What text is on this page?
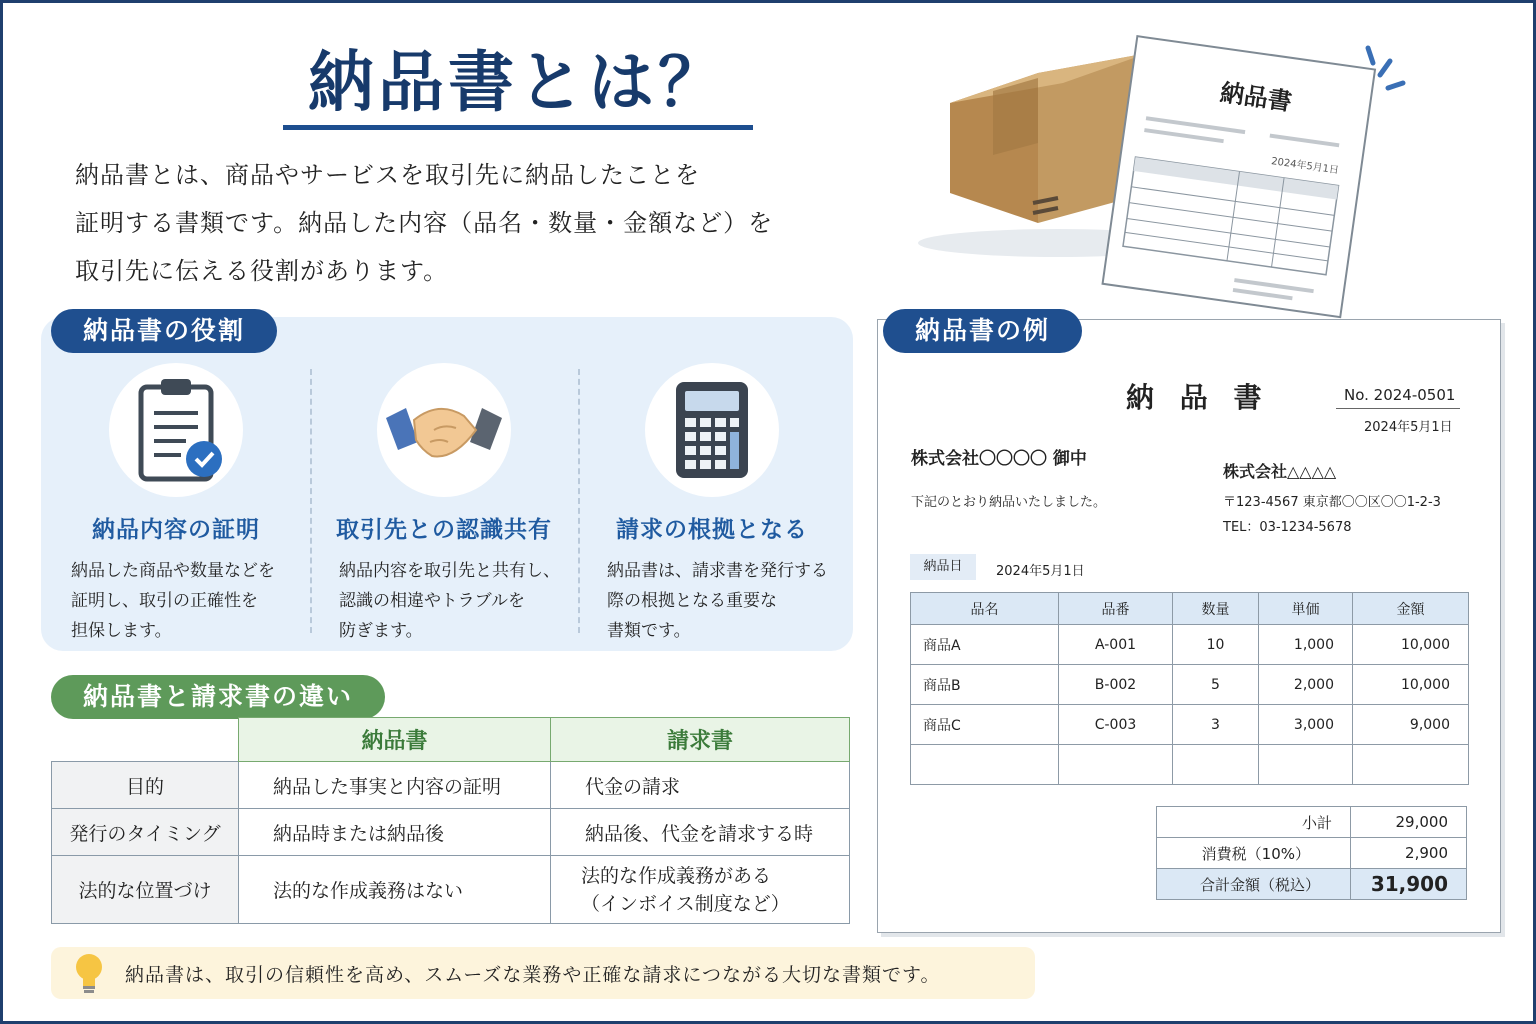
納品書とは？
納品書とは、商品やサービスを取引先に納品したことを
証明する書類です。納品した内容（品名・数量・金額など）を
取引先に伝える役割があります。
納品書
2024年5月1日
納品書の役割
納品内容の証明
納品した商品や数量などを
証明し、取引の正確性を
担保します。
取引先との認識共有
納品内容を取引先と共有し、
認識の相違やトラブルを
防ぎます。
請求の根拠となる
納品書は、請求書を発行する
際の根拠となる重要な
書類です。
納品書と請求書の違い
	納品書	請求書
目的	納品した事実と内容の証明	代金の請求
発行のタイミング	納品時または納品後	納品後、代金を請求する時
法的な位置づけ	法的な作成義務はない	法的な作成義務がある
（インボイス制度など）
納品書は、取引の信頼性を高め、スムーズな業務や正確な請求につながる大切な書類です。
納 品 書	No. 2024-0501
2024年5月1日
株式会社〇〇〇〇 御中
下記のとおり納品いたしました。
株式会社△△△△
〒123-4567 東京都〇〇区〇〇1-2-3
TEL：03-1234-5678
納品日	2024年5月1日
品名	品番	数量	単価	金額
商品A	A-001	10	1,000	10,000
商品B	B-002	5	2,000	10,000
商品C	C-003	3	3,000	9,000

小計	29,000
消費税（10%）	2,900
合計金額（税込）	31,900
納品書の例
